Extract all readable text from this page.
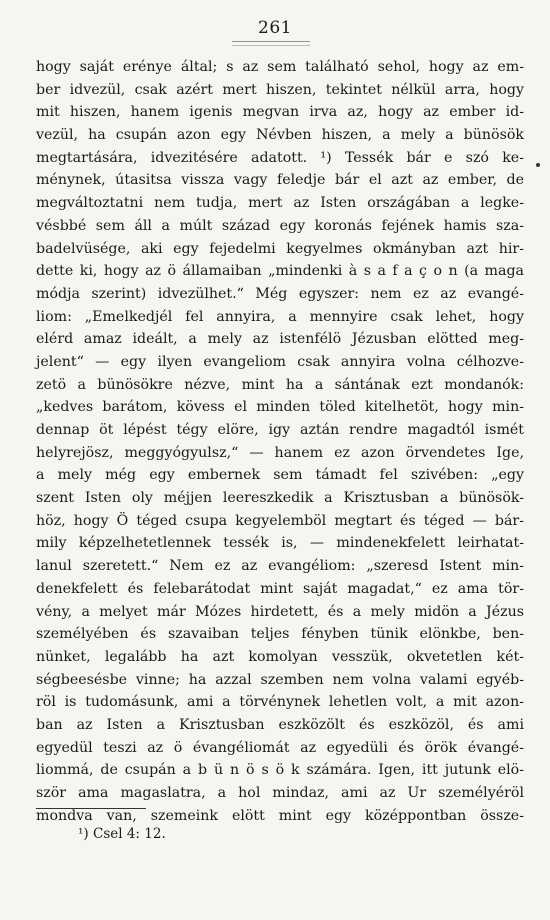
261
hogy saját erénye által; s az sem található sehol, hogy az em-
ber idvezül, csak azért mert hiszen, tekintet nélkül arra, hogy
mit hiszen, hanem igenis megvan irva az, hogy az ember id-
vezül, ha csupán azon egy Névben hiszen, a mely a bünösök
megtartására, idvezitésére adatott. ¹) Tessék bár e szó ke-
ménynek, útasitsa vissza vagy feledje bár el azt az ember, de
megváltoztatni nem tudja, mert az Isten országában a legke-
vésbbé sem áll a múlt század egy koronás fejének hamis sza-
badelvüsége, aki egy fejedelmi kegyelmes okmányban azt hir-
dette ki, hogy az ö államaiban „mindenki à s a f a ç o n (a maga
módja szerint) idvezülhet.“ Még egyszer: nem ez az evangé-
liom: „Emelkedjél fel annyira, a mennyire csak lehet, hogy
elérd amaz ideált, a mely az istenfélö Jézusban elötted meg-
jelent“ — egy ilyen evangeliom csak annyira volna célhozve-
zetö a bünösökre nézve, mint ha a sántának ezt mondanók:
„kedves barátom, kövess el minden töled kitelhetöt, hogy min-
dennap öt lépést tégy elöre, igy aztán rendre magadtól ismét
helyrejösz, meggyógyulsz,“ — hanem ez azon örvendetes Ige,
a mely még egy embernek sem támadt fel szivében: „egy
szent Isten oly méjjen leereszkedik a Krisztusban a bünösök-
höz, hogy Ö téged csupa kegyelemböl megtart és téged — bár-
mily képzelhetetlennek tessék is, — mindenekfelett leirhatat-
lanul szeretett.“ Nem ez az evangéliom: „szeresd Istent min-
denekfelett és felebarátodat mint saját magadat,“ ez ama tör-
vény, a melyet már Mózes hirdetett, és a mely midön a Jézus
személyében és szavaiban teljes fényben tünik elönkbe, ben-
nünket, legalább ha azt komolyan vesszük, okvetetlen két-
ségbeesésbe vinne; ha azzal szemben nem volna valami egyéb-
röl is tudomásunk, ami a törvénynek lehetlen volt, a mit azon-
ban az Isten a Krisztusban eszközölt és eszközöl, és ami
egyedül teszi az ö évangéliomát az egyedüli és örök évangé-
liommá, de csupán a b ü n ö s ö k számára. Igen, itt jutunk elö-
ször ama magaslatra, a hol mindaz, ami az Ur személyéröl
mondva van, szemeink elött mint egy középpontban össze-
¹) Csel 4: 12.
